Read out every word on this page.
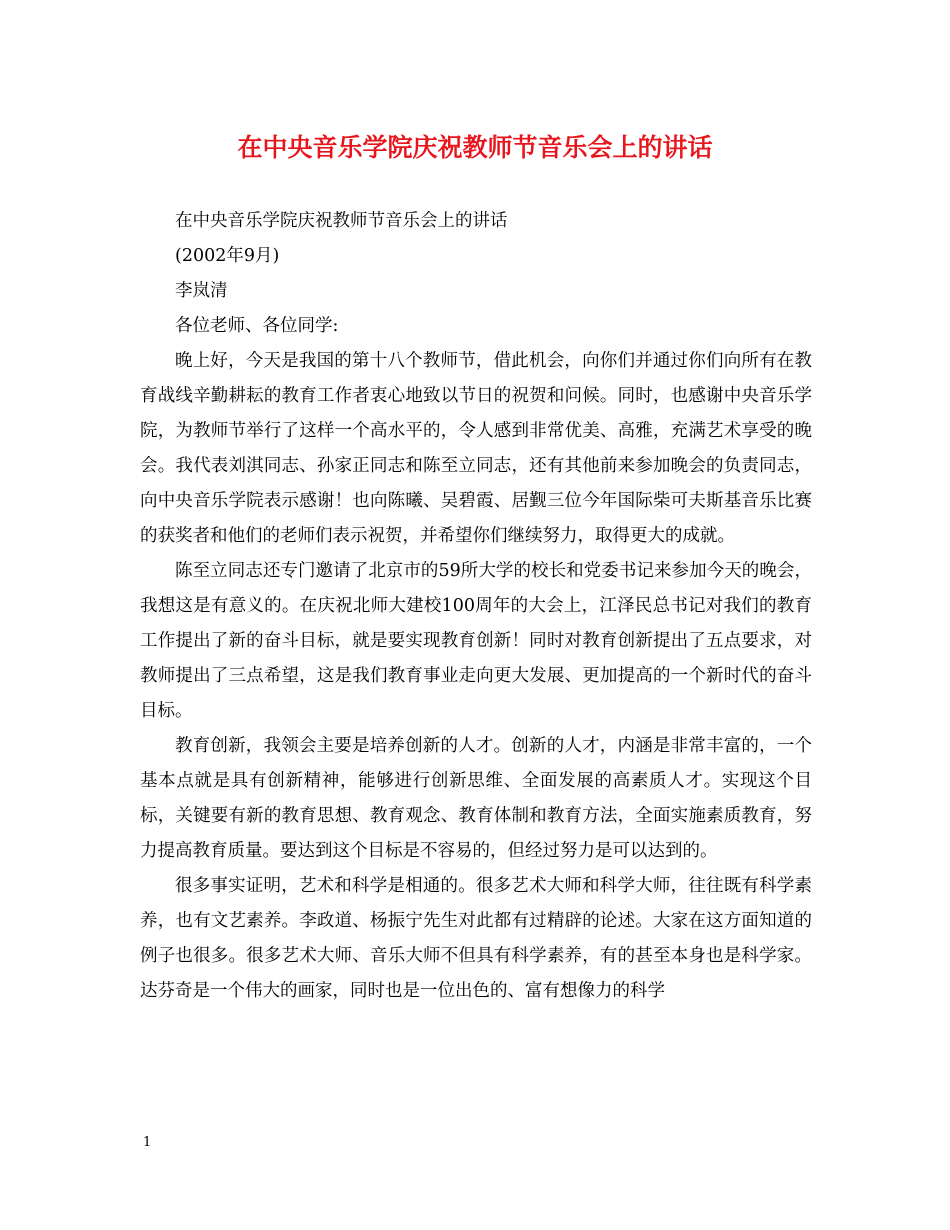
在中央音乐学院庆祝教师节音乐会上的讲话

在中央音乐学院庆祝教师节音乐会上的讲话

(2002年9月)

李岚清

各位老师、各位同学:

晚上好，今天是我国的第十八个教师节，借此机会，向你们并通过你们向所有在教育战线辛勤耕耘的教育工作者衷心地致以节日的祝贺和问候。同时，也感谢中央音乐学院，为教师节举行了这样一个高水平的，令人感到非常优美、高雅，充满艺术享受的晚会。我代表刘淇同志、孙家正同志和陈至立同志，还有其他前来参加晚会的负责同志，向中央音乐学院表示感谢！也向陈曦、吴碧霞、居觐三位今年国际柴可夫斯基音乐比赛的获奖者和他们的老师们表示祝贺，并希望你们继续努力，取得更大的成就。

陈至立同志还专门邀请了北京市的59所大学的校长和党委书记来参加今天的晚会，我想这是有意义的。在庆祝北师大建校100周年的大会上，江泽民总书记对我们的教育工作提出了新的奋斗目标，就是要实现教育创新！同时对教育创新提出了五点要求，对教师提出了三点希望，这是我们教育事业走向更大发展、更加提高的一个新时代的奋斗目标。

教育创新，我领会主要是培养创新的人才。创新的人才，内涵是非常丰富的，一个基本点就是具有创新精神，能够进行创新思维、全面发展的高素质人才。实现这个目标，关键要有新的教育思想、教育观念、教育体制和教育方法，全面实施素质教育，努力提高教育质量。要达到这个目标是不容易的，但经过努力是可以达到的。

很多事实证明，艺术和科学是相通的。很多艺术大师和科学大师，往往既有科学素养，也有文艺素养。李政道、杨振宁先生对此都有过精辟的论述。大家在这方面知道的例子也很多。很多艺术大师、音乐大师不但具有科学素养，有的甚至本身也是科学家。达芬奇是一个伟大的画家，同时也是一位出色的、富有想像力的科学

1
